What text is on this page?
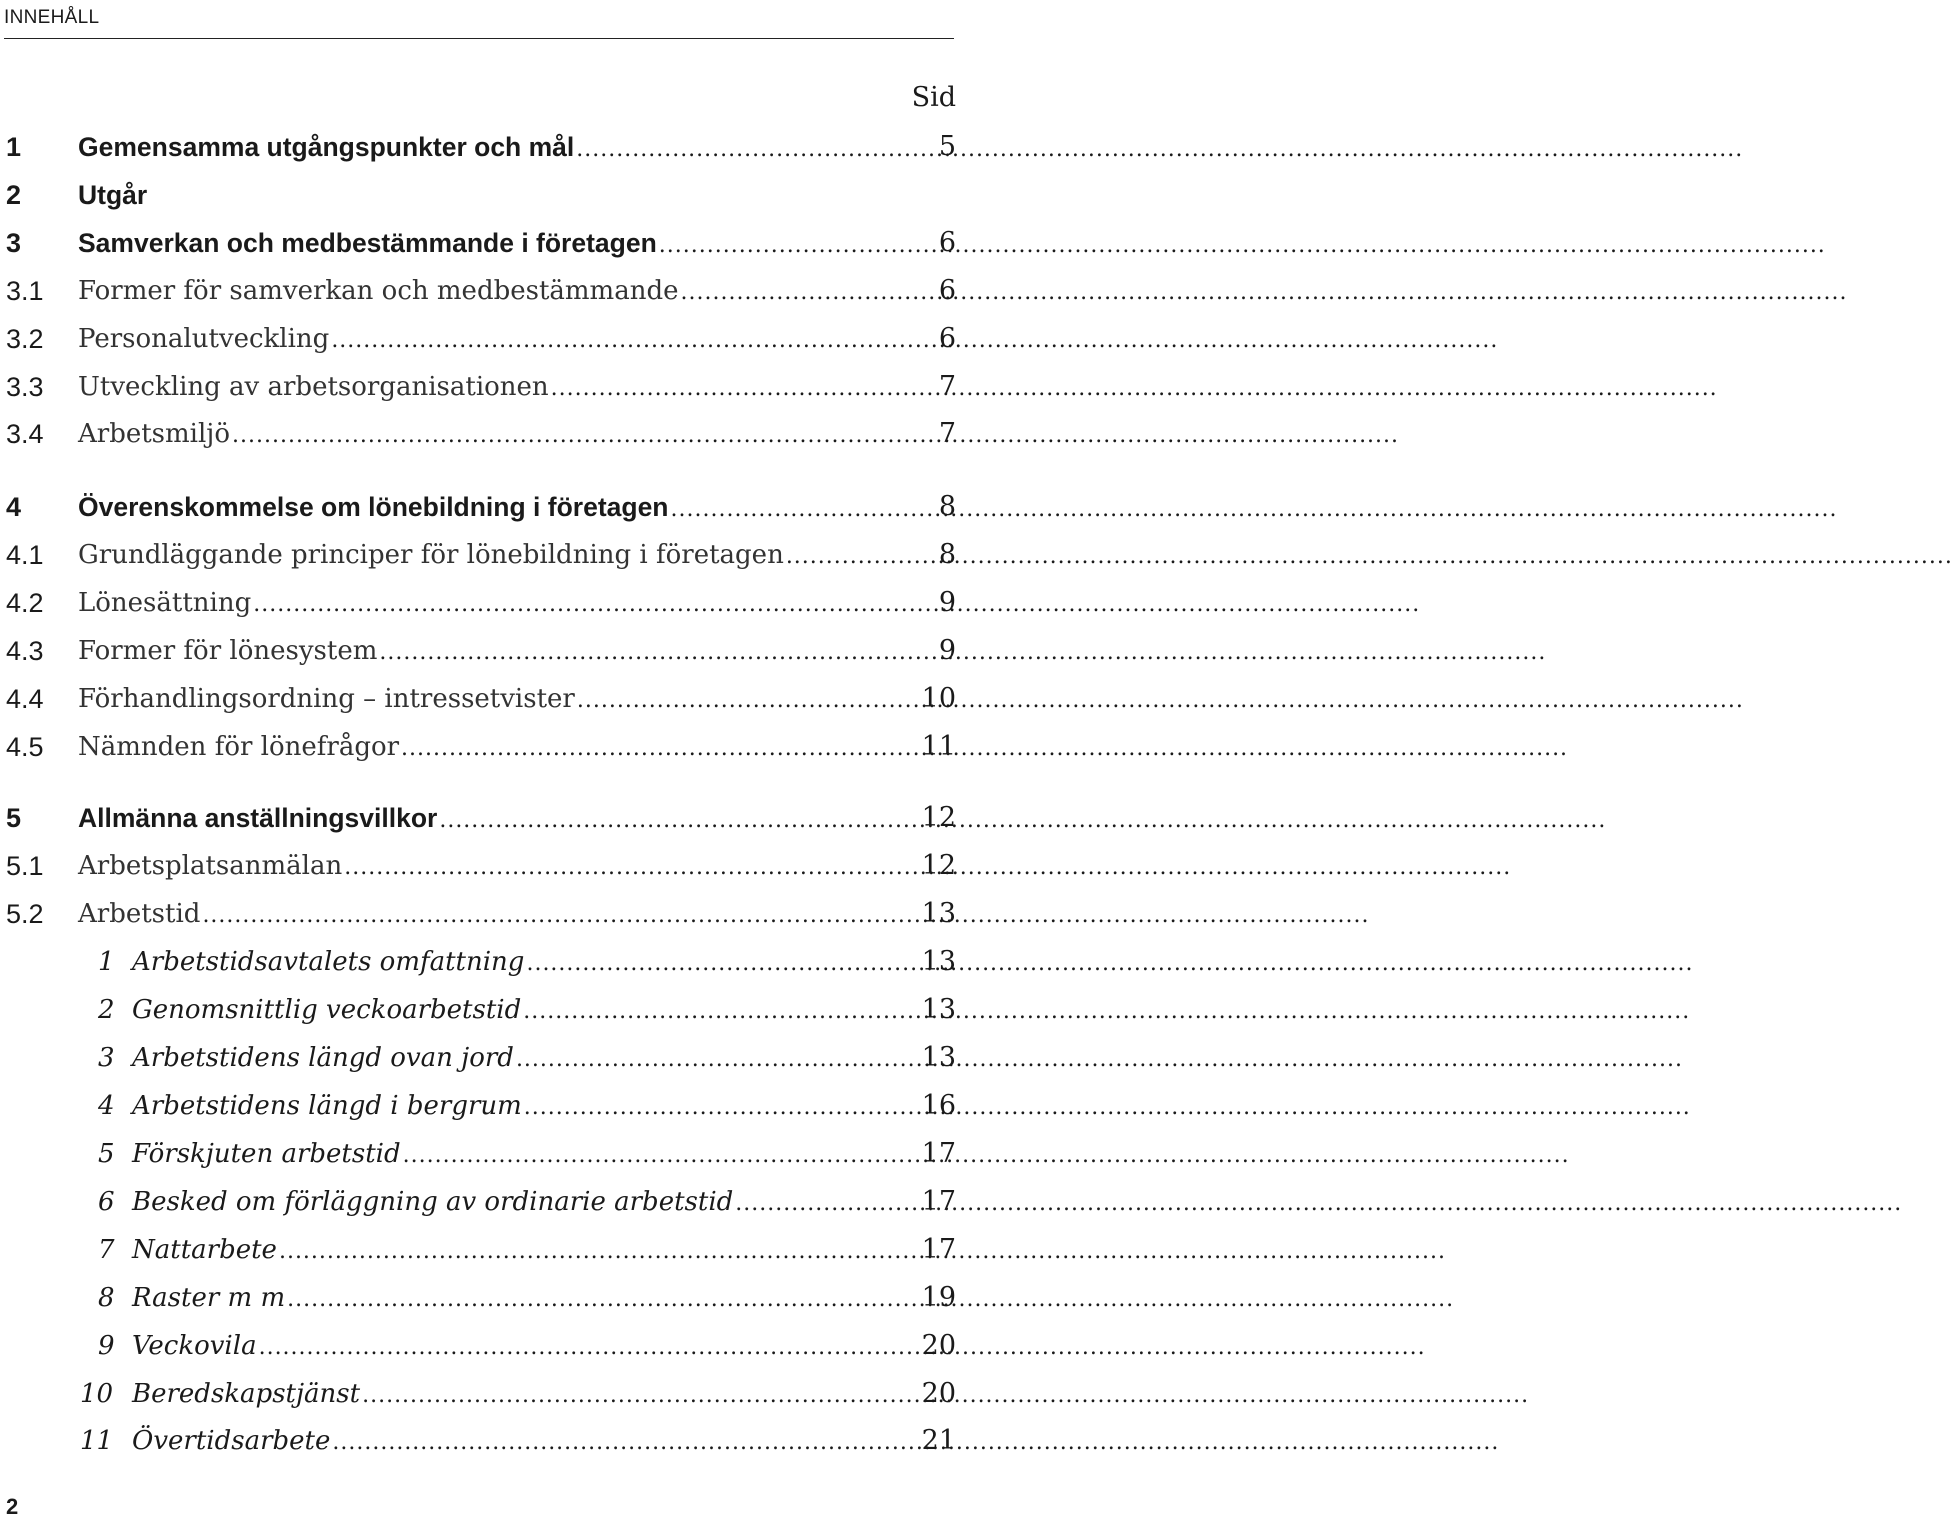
INNEHÅLL
Sid
1 Gemensamma utgångspunkter och mål .....	5
2 Utgår
3 Samverkan och medbestämmande i företagen .....	6
3.1 Former för samverkan och medbestämmande .....	6
3.2 Personalutveckling .....	6
3.3 Utveckling av arbetsorganisationen .....	7
3.4 Arbetsmiljö .....	7
4 Överenskommelse om lönebildning i företagen .....	8
4.1 Grundläggande principer för lönebildning i företagen .....	8
4.2 Lönesättning .....	9
4.3 Former för lönesystem .....	9
4.4 Förhandlingsordning – intressetvister .....	10
4.5 Nämnden för lönefrågor .....	11
5 Allmänna anställningsvillkor .....	12
5.1 Arbetsplatsanmälan .....	12
5.2 Arbetstid .....	13
1 Arbetstidsavtalets omfattning .....	13
2 Genomsnittlig veckoarbetstid .....	13
3 Arbetstidens längd ovan jord .....	13
4 Arbetstidens längd i bergrum .....	16
5 Förskjuten arbetstid .....	17
6 Besked om förläggning av ordinarie arbetstid .....	17
7 Nattarbete .....	17
8 Raster m m .....	19
9 Veckovila .....	20
10 Beredskapstjänst .....	20
11 Övertidsarbete .....	21
2
